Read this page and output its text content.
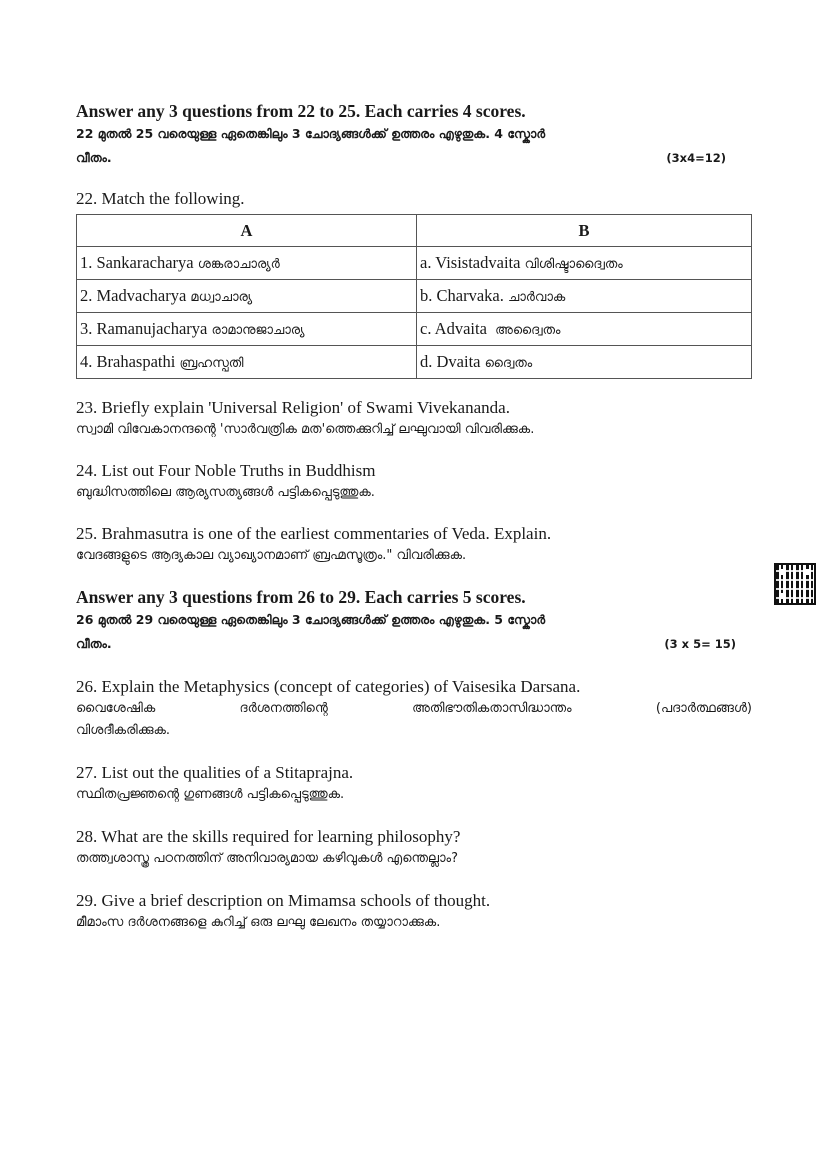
Answer any 3 questions from 22 to 25. Each carries 4 scores.

22 മുതൽ 25 വരെയുള്ള ഏതെങ്കിലും 3 ചോദ്യങ്ങൾക്ക് ഉത്തരം എഴുതുക. 4 സ്കോർ

വീതം.	(3x4=12)

22. Match the following.

A	B
1. Sankaracharya ശങ്കരാചാര്യർ	a. Visistadvaita വിശിഷ്ടാദ്വൈതം
2. Madvacharya മധ്വാചാര്യ	b. Charvaka. ചാർവാക
3. Ramanujacharya രാമാനുജാചാര്യ	c. Advaita അദ്വൈതം
4. Brahaspathi ബ്രഹസ്പതി	d. Dvaita ദ്വൈതം

23. Briefly explain 'Universal Religion' of Swami Vivekananda.

സ്വാമി വിവേകാനന്ദന്റെ 'സാർവത്രിക മത'ത്തെക്കുറിച്ച് ലഘുവായി വിവരിക്കുക.

24. List out Four Noble Truths in Buddhism

ബുദ്ധിസത്തിലെ ആര്യസത്യങ്ങൾ പട്ടികപ്പെടുത്തുക.

25. Brahmasutra is one of the earliest commentaries of Veda. Explain.

വേദങ്ങളുടെ ആദ്യകാല വ്യാഖ്യാനമാണ് ബ്രഹ്മസൂത്രം." വിവരിക്കുക.

Answer any 3 questions from 26 to 29. Each carries 5 scores.

26 മുതൽ 29 വരെയുള്ള ഏതെങ്കിലും 3 ചോദ്യങ്ങൾക്ക് ഉത്തരം എഴുതുക. 5 സ്കോർ

വീതം.	(3 x 5= 15)

26. Explain the Metaphysics (concept of categories) of Vaisesika Darsana.

വൈശേഷിക	ദർശനത്തിന്റെ	അതിഭൗതികതാസിദ്ധാന്തം	(പദാർത്ഥങ്ങൾ)

വിശദീകരിക്കുക.

27. List out the qualities of a Stitaprajna.

സ്ഥിതപ്രജ്ഞന്റെ ഗുണങ്ങൾ പട്ടികപ്പെടുത്തുക.

28. What are the skills required for learning philosophy?

തത്ത്വശാസ്ത്ര പഠനത്തിന് അനിവാര്യമായ കഴിവുകൾ എന്തെല്ലാം?

29. Give a brief description on Mimamsa schools of thought.

മീമാംസ ദർശനങ്ങളെ കുറിച്ച് ഒരു ലഘു ലേഖനം തയ്യാറാക്കുക.
